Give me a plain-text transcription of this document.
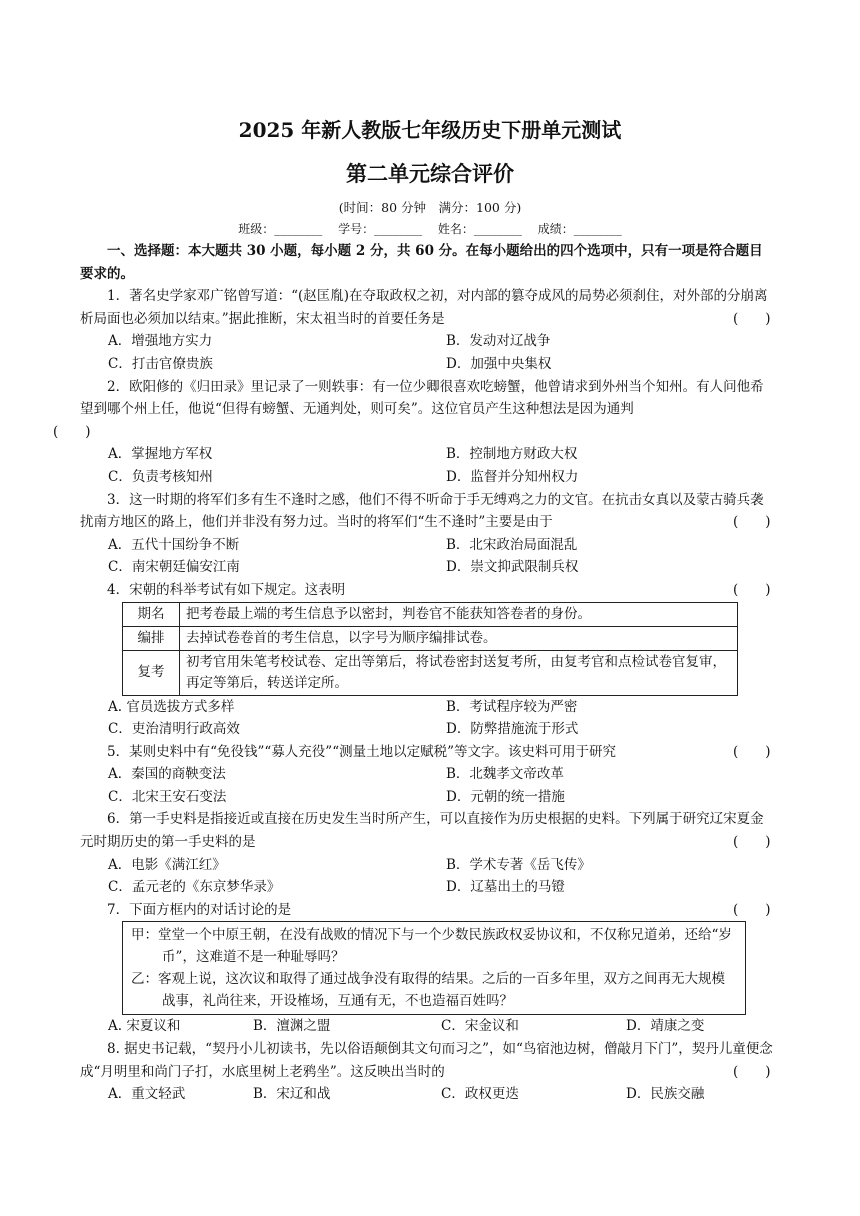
2025 年新人教版七年级历史下册单元测试
第二单元综合评价
(时间：80 分钟　满分：100 分)
班级：________ 学号：________ 姓名：________ 成绩：________
一、选择题：本大题共 30 小题，每小题 2 分，共 60 分。在每小题给出的四个选项中，只有一项是符合题目要求的。
1．著名史学家邓广铭曾写道：“(赵匡胤)在夺取政权之初，对内部的篡夺成风的局势必须刹住，对外部的分崩离析局面也必须加以结束。”据此推断，宋太祖当时的首要任务是	(　　)
A．增强地方实力	B．发动对辽战争
C．打击官僚贵族	D．加强中央集权
2．欧阳修的《归田录》里记录了一则轶事：有一位少卿很喜欢吃螃蟹，他曾请求到外州当个知州。有人问他希望到哪个州上任，他说“但得有螃蟹、无通判处，则可矣”。这位官员产生这种想法是因为通判
(　　)
A．掌握地方军权	B．控制地方财政大权
C．负责考核知州	D．监督并分知州权力
3．这一时期的将军们多有生不逢时之感，他们不得不听命于手无缚鸡之力的文官。在抗击女真以及蒙古骑兵袭扰南方地区的路上，他们并非没有努力过。当时的将军们“生不逢时”主要是由于	(　　)
A．五代十国纷争不断	B．北宋政治局面混乱
C．南宋朝廷偏安江南	D．崇文抑武限制兵权
4．宋朝的科举考试有如下规定。这表明	(　　)
期名	把考卷最上端的考生信息予以密封，判卷官不能获知答卷者的身份。
编排	去掉试卷卷首的考生信息，以字号为顺序编排试卷。
复考	初考官用朱笔考校试卷、定出等第后，将试卷密封送复考所，由复考官和点检试卷官复审，再定等第后，转送详定所。
A. 官员选拔方式多样	B．考试程序较为严密
C．吏治清明行政高效	D．防弊措施流于形式
5．某则史料中有“免役钱”“募人充役”“测量土地以定赋税”等文字。该史料可用于研究	(　　)
A．秦国的商鞅变法	B．北魏孝文帝改革
C．北宋王安石变法	D．元朝的统一措施
6．第一手史料是指接近或直接在历史发生当时所产生，可以直接作为历史根据的史料。下列属于研究辽宋夏金元时期历史的第一手史料的是	(　　)
A．电影《满江红》	B．学术专著《岳飞传》
C．孟元老的《东京梦华录》	D．辽墓出土的马镫
7．下面方框内的对话讨论的是	(　　)
甲：堂堂一个中原王朝，在没有战败的情况下与一个少数民族政权妥协议和，不仅称兄道弟，还给“岁币”，这难道不是一种耻辱吗？
乙：客观上说，这次议和取得了通过战争没有取得的结果。之后的一百多年里，双方之间再无大规模战事，礼尚往来，开设榷场，互通有无，不也造福百姓吗？
A. 宋夏议和	B．澶渊之盟	C．宋金议和	D．靖康之变
8. 据史书记载，“契丹小儿初读书，先以俗语颠倒其文句而习之”，如“鸟宿池边树，僧敲月下门”，契丹儿童便念成“月明里和尚门子打，水底里树上老鸦坐”。这反映出当时的	(　　)
A．重文轻武	B．宋辽和战	C．政权更迭	D．民族交融
